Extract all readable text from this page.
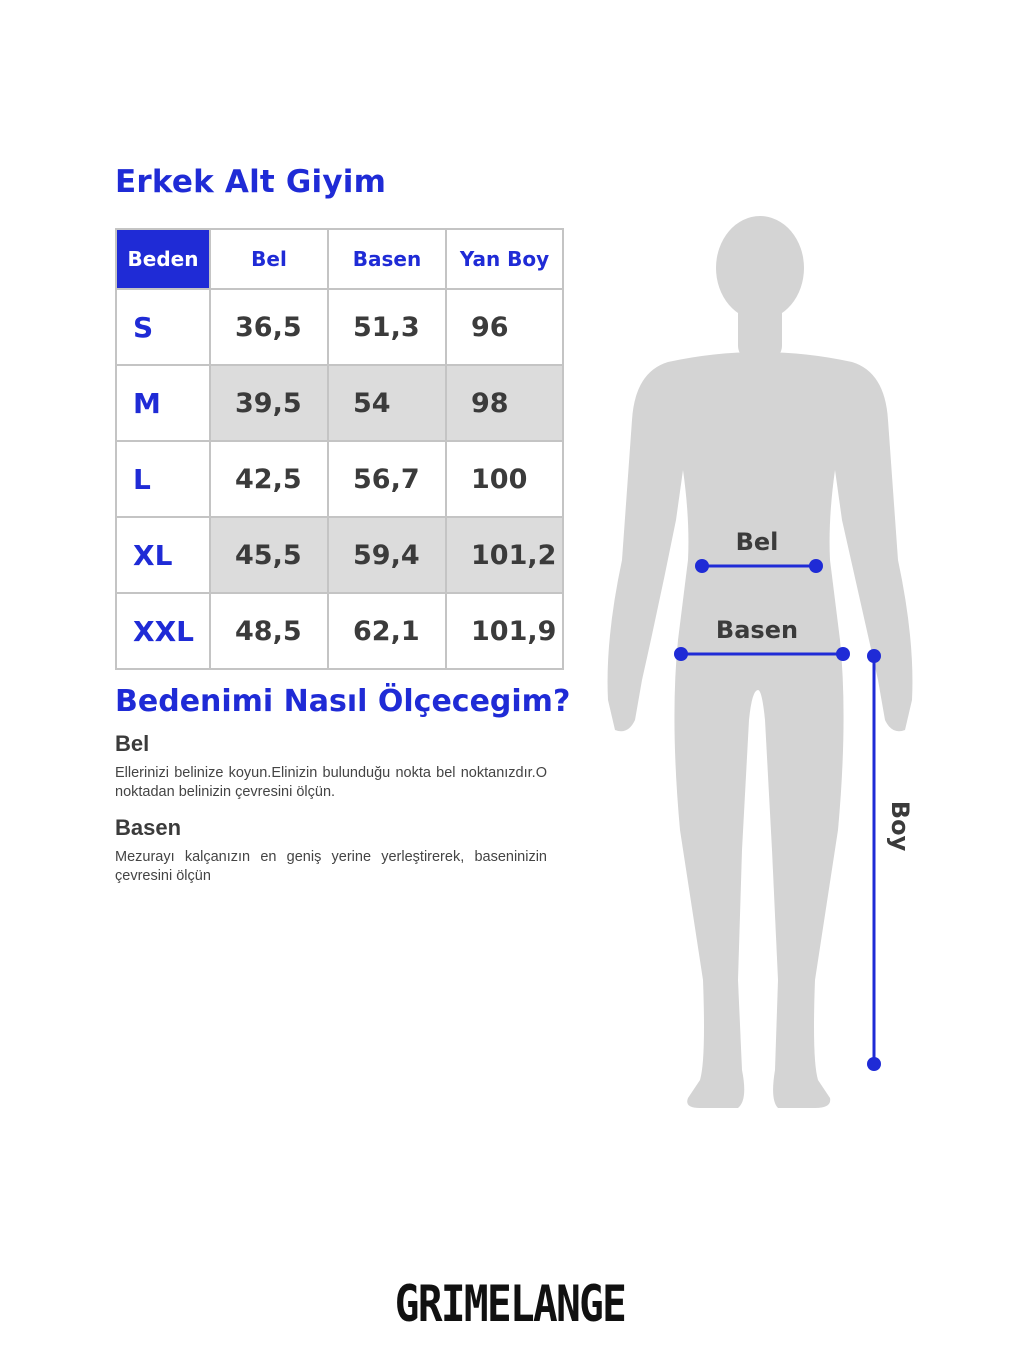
Erkek Alt Giyim
Beden	Bel	Basen	Yan Boy
S	36,5	51,3	96
M	39,5	54	98
L	42,5	56,7	100
XL	45,5	59,4	101,2
XXL	48,5	62,1	101,9
Bedenimi Nasıl Ölçecegim?
Bel

Ellerinizi belinize koyun.Elinizin bulunduğu nokta bel noktanızdır.O noktadan belinizin çevresini ölçün.

Basen

Mezurayı kalçanızın en geniş yerine yerleştirerek, baseninizin çevresini ölçün

Bel
Basen
Boy
GRIMELANGE
